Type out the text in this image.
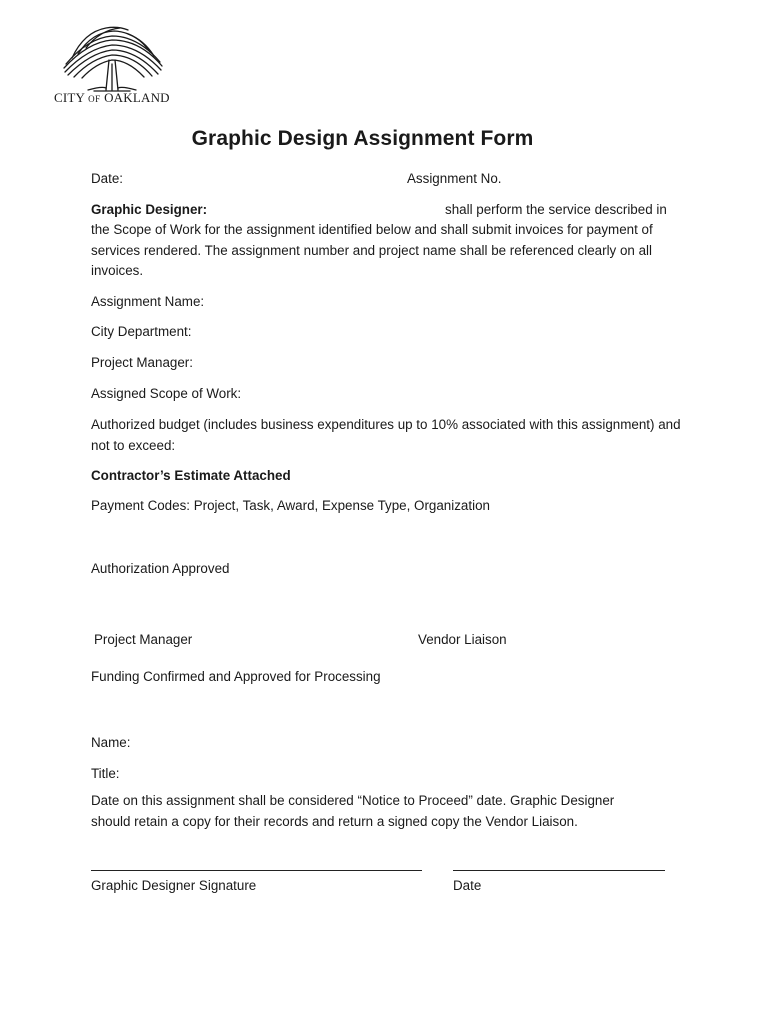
CITY OF OAKLAND
Graphic Design Assignment Form
Date:	Assignment No.
Graphic Designer:	shall perform the service described in
the Scope of Work for the assignment identified below and shall submit invoices for payment of services rendered. The assignment number and project name shall be referenced clearly on all invoices.
Assignment Name:
City Department:
Project Manager:
Assigned Scope of Work:
Authorized budget (includes business expenditures up to 10% associated with this assignment) and not to exceed:
Contractor’s Estimate Attached
Payment Codes: Project, Task, Award, Expense Type, Organization
Authorization Approved
Project Manager	Vendor Liaison
Funding Confirmed and Approved for Processing
Name:
Title:
Date on this assignment shall be considered “Notice to Proceed” date. Graphic Designer should retain a copy for their records and return a signed copy the Vendor Liaison.
Graphic Designer Signature	Date
